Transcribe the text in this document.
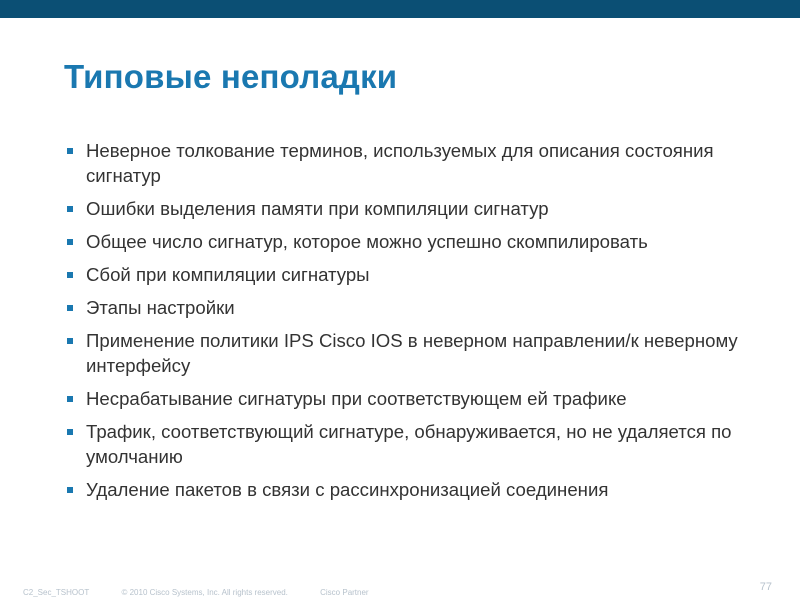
Типовые неполадки
Неверное толкование терминов, используемых для описания состояния сигнатур
Ошибки выделения памяти при компиляции сигнатур
Общее число сигнатур, которое можно успешно скомпилировать
Сбой при компиляции сигнатуры
Этапы настройки
Применение политики IPS Cisco IOS в неверном направлении/к неверному интерфейсу
Несрабатывание сигнатуры при соответствующем ей трафике
Трафик, соответствующий сигнатуре, обнаруживается, но не удаляется по умолчанию
Удаление пакетов в связи с рассинхронизацией соединения
C2_Sec_TSHOOT	© 2010 Cisco Systems, Inc. All rights reserved.	Cisco Partner	77
